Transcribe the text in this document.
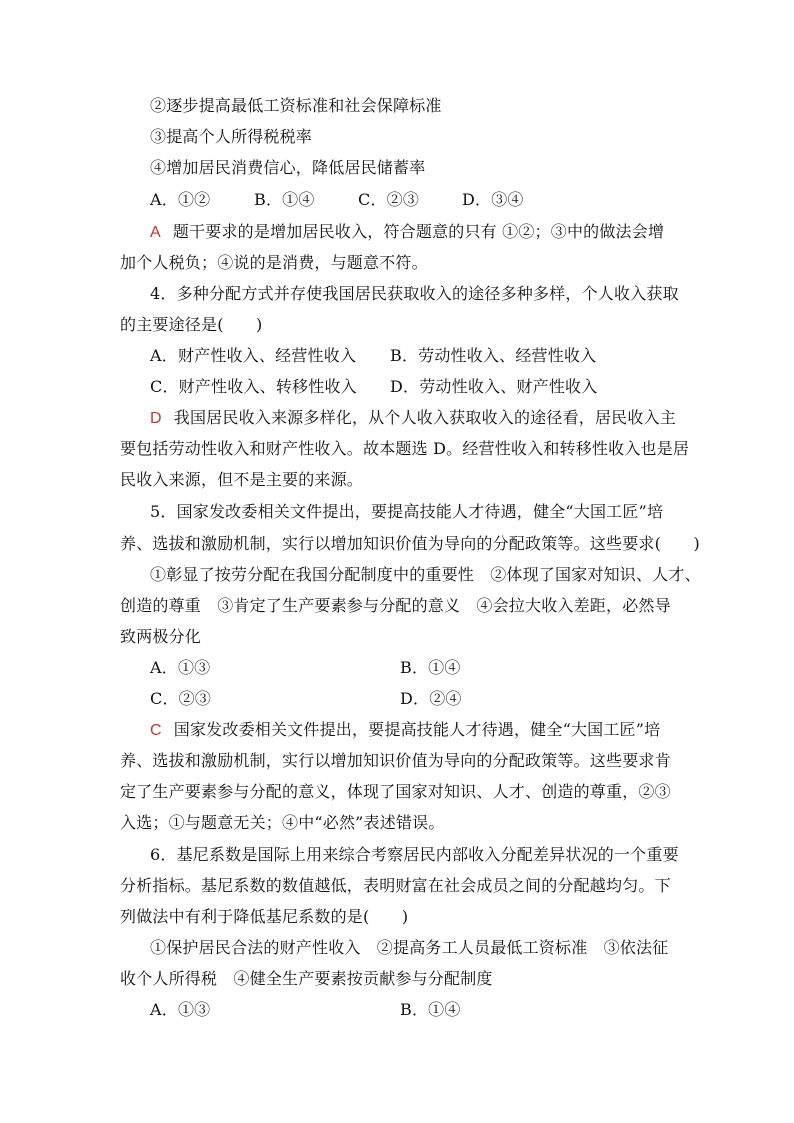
②逐步提高最低工资标准和社会保障标准
③提高个人所得税税率
④增加居民消费信心，降低居民储蓄率
A．①②	B．①④	C．②③	D．③④
A 题干要求的是增加居民收入，符合题意的只有 ①②；③中的做法会增
加个人税负；④说的是消费，与题意不符。
4．多种分配方式并存使我国居民获取收入的途径多种多样，个人收入获取
的主要途径是(　　)
A．财产性收入、经营性收入 B．劳动性收入、经营性收入
C．财产性收入、转移性收入 D．劳动性收入、财产性收入
D 我国居民收入来源多样化，从个人收入获取收入的途径看，居民收入主
要包括劳动性收入和财产性收入。故本题选 D。经营性收入和转移性收入也是居
民收入来源，但不是主要的来源。
5．国家发改委相关文件提出，要提高技能人才待遇，健全“大国工匠”培
养、选拔和激励机制，实行以增加知识价值为导向的分配政策等。这些要求(　　)
①彰显了按劳分配在我国分配制度中的重要性　②体现了国家对知识、人才、
创造的尊重　③肯定了生产要素参与分配的意义　④会拉大收入差距，必然导
致两极分化
A．①③	B．①④
C．②③	D．②④
C 国家发改委相关文件提出，要提高技能人才待遇，健全“大国工匠”培
养、选拔和激励机制，实行以增加知识价值为导向的分配政策等。这些要求肯
定了生产要素参与分配的意义，体现了国家对知识、人才、创造的尊重，②③
入选；①与题意无关；④中“必然”表述错误。
6．基尼系数是国际上用来综合考察居民内部收入分配差异状况的一个重要
分析指标。基尼系数的数值越低，表明财富在社会成员之间的分配越均匀。下
列做法中有利于降低基尼系数的是(　　)
①保护居民合法的财产性收入　②提高务工人员最低工资标准　③依法征
收个人所得税　④健全生产要素按贡献参与分配制度
A．①③	B．①④
